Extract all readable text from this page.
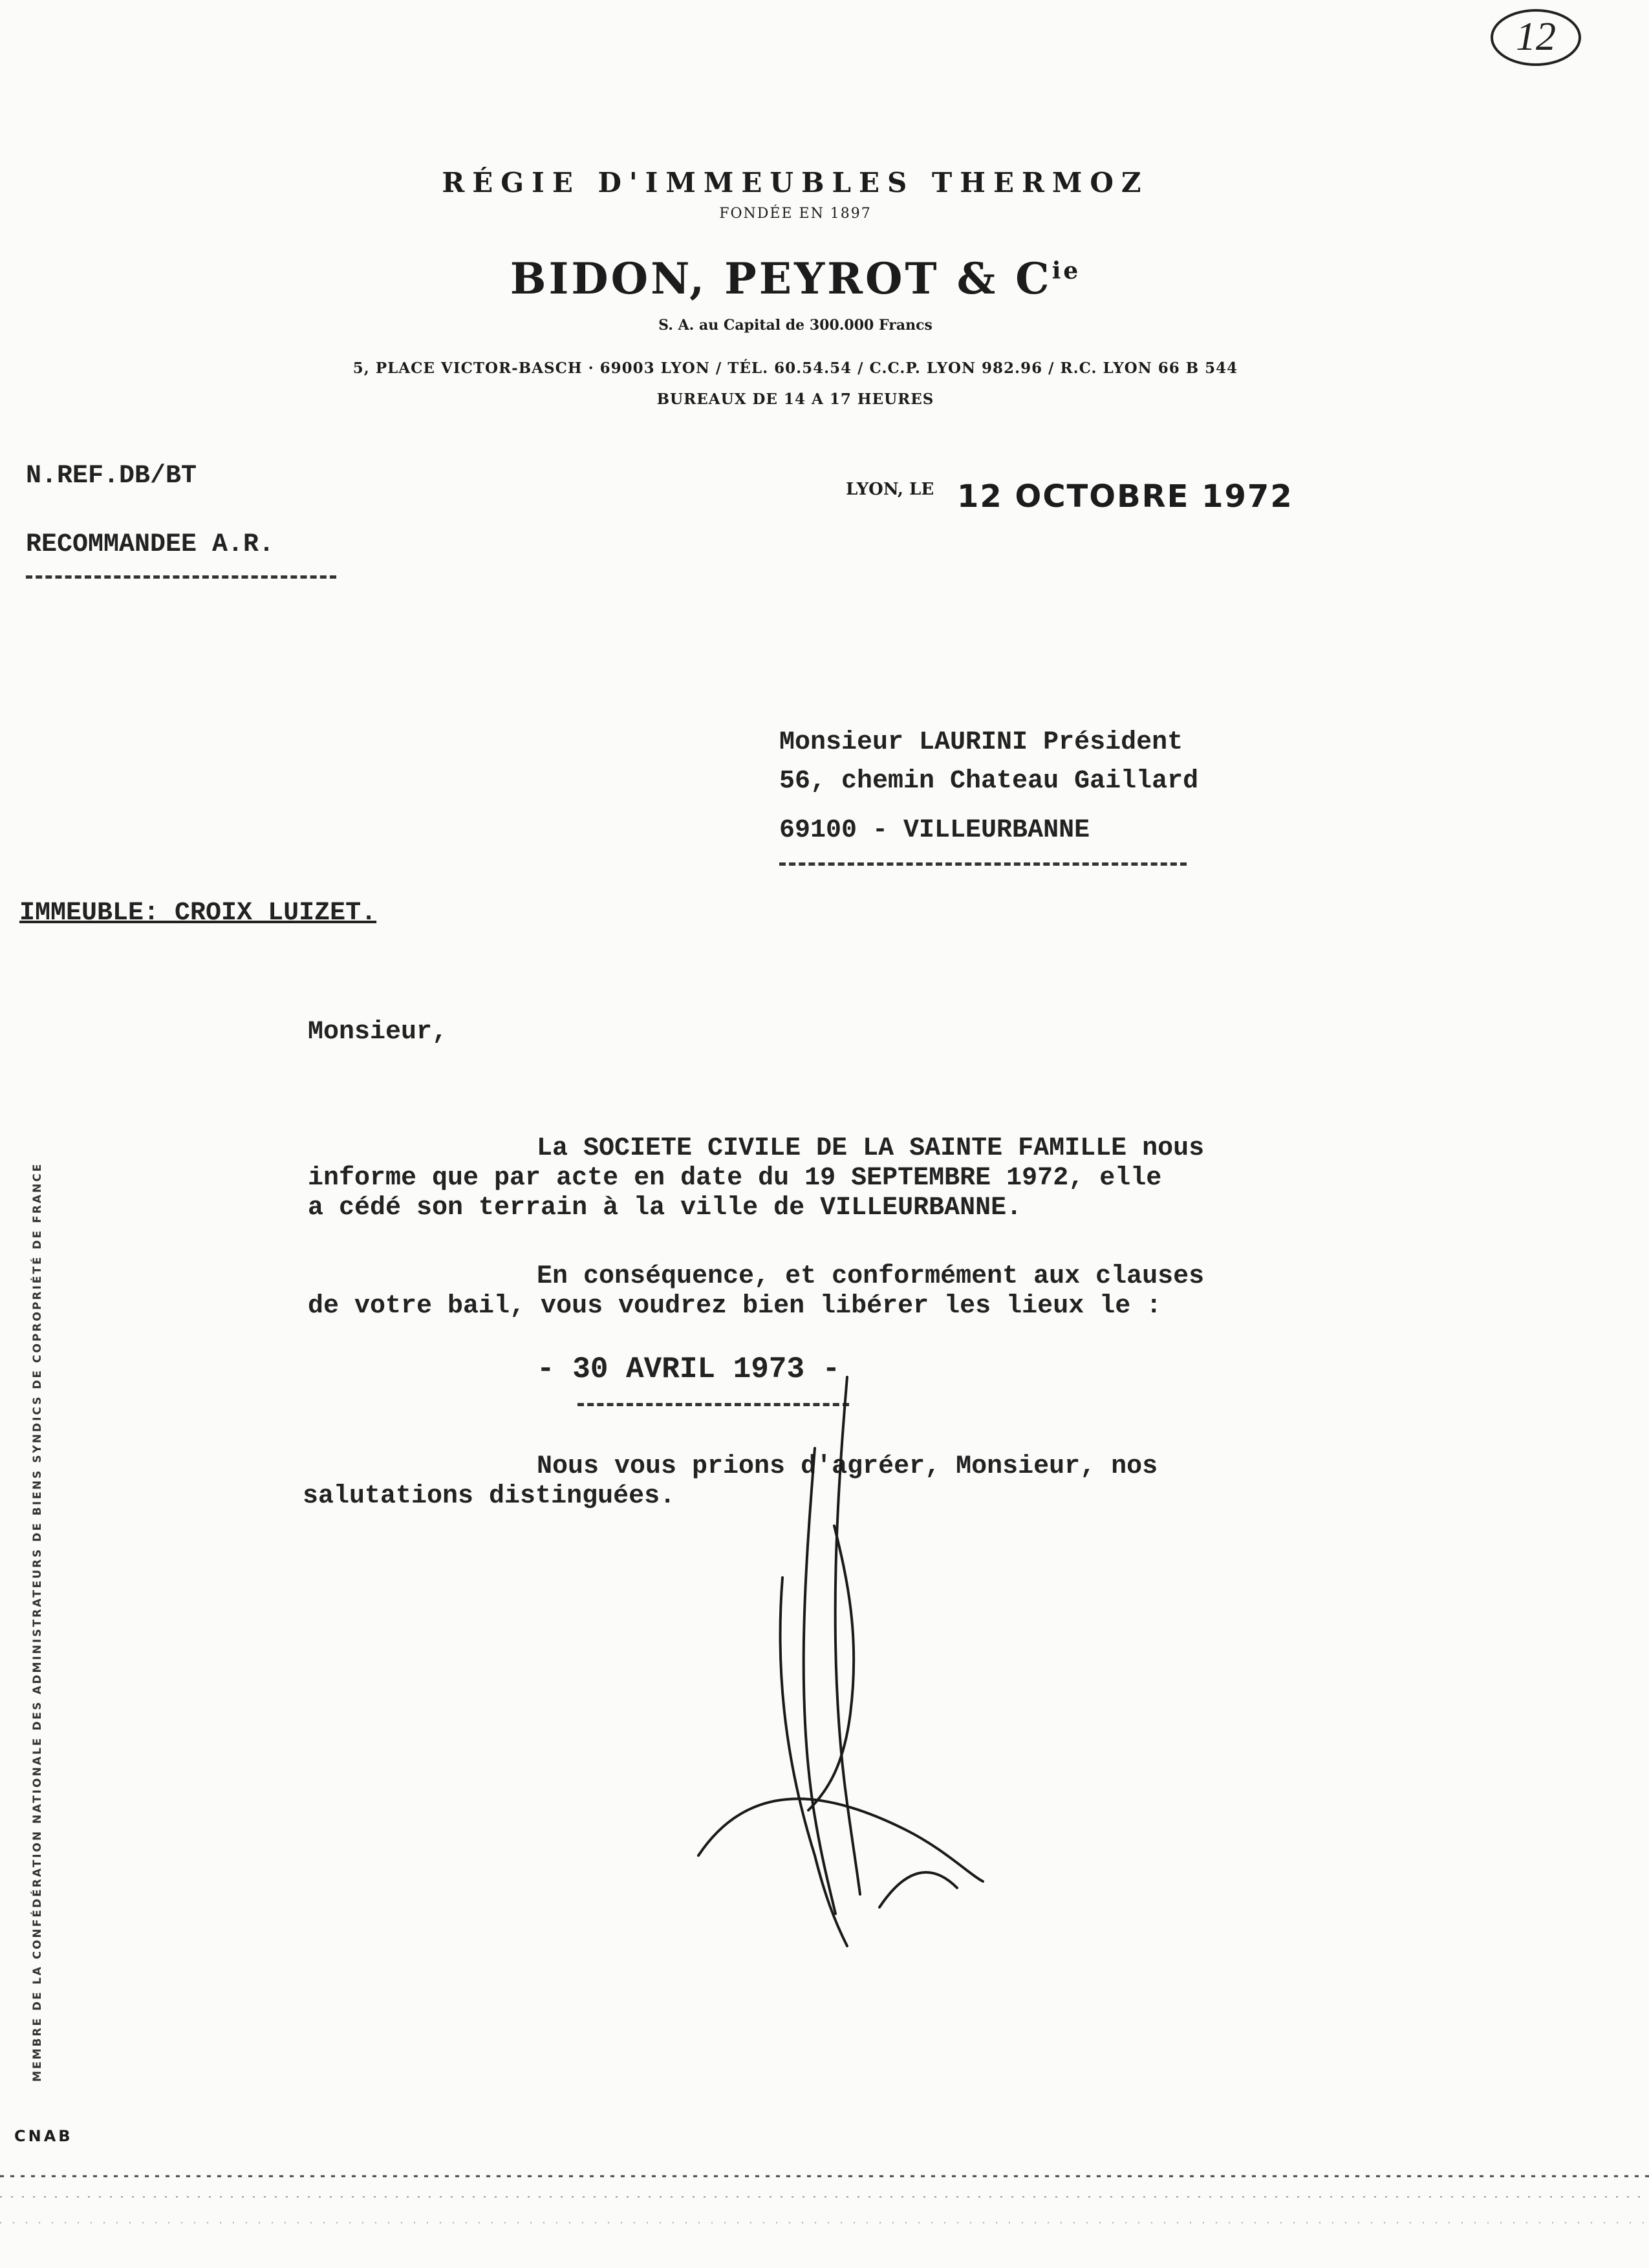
12
RÉGIE D'IMMEUBLES THERMOZ
FONDÉE EN 1897
BIDON, PEYROT & $C^{ie}$
S. A. au Capital de 300.000 Francs
5, PLACE VICTOR-BASCH · 69003 LYON / TÉL. 60.54.54 / C.C.P. LYON 982.96 / R.C. LYON 66 B 544
BUREAUX DE 14 A 17 HEURES
N.REF.DB/BT
RECOMMANDEE A.R.
LYON, LE 12 OCTOBRE 1972
Monsieur LAURINI Président
56, chemin Chateau Gaillard
69100 - VILLEURBANNE
IMMEUBLE: CROIX LUIZET.
Monsieur,
La SOCIETE CIVILE DE LA SAINTE FAMILLE nous
informe que par acte en date du 19 SEPTEMBRE 1972, elle
a cédé son terrain à la ville de VILLEURBANNE.
En conséquence, et conformément aux clauses
de votre bail, vous voudrez bien libérer les lieux le :
- 30 AVRIL 1973 -
Nous vous prions d'agréer, Monsieur, nos
salutations distinguées.
MEMBRE DE LA CONFÉDÉRATION NATIONALE DES ADMINISTRATEURS DE BIENS SYNDICS DE COPROPRIÉTÉ DE FRANCE
CNAB
